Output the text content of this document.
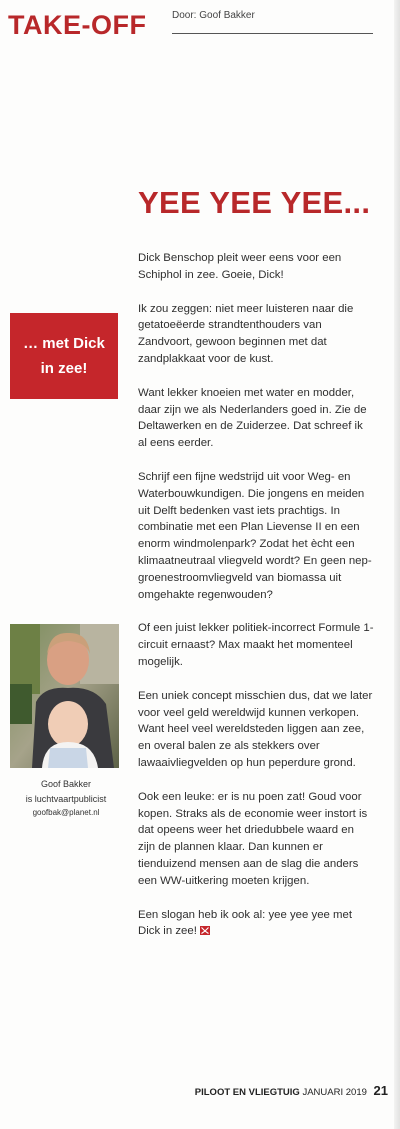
TAKE-OFF	Door: Goof Bakker
YEE YEE YEE...
… met Dick
in zee!

Dick Benschop pleit weer eens voor een Schiphol in zee. Goeie, Dick!

Ik zou zeggen: niet meer luisteren naar die getatoeëerde strandtenthouders van Zandvoort, gewoon beginnen met dat zandplakkaat voor de kust.

Want lekker knoeien met water en modder, daar zijn we als Nederlanders goed in. Zie de Deltawerken en de Zuiderzee. Dat schreef ik al eens eerder.

Schrijf een fijne wedstrijd uit voor Weg- en Waterbouwkundigen. Die jongens en meiden uit Delft bedenken vast iets prachtigs. In combinatie met een Plan Lievense II en een enorm windmolenpark? Zodat het ècht een klimaatneutraal vliegveld wordt? En geen nep-groenestroomvliegveld van biomassa uit omgehakte regenwouden?

Of een juist lekker politiek-incorrect Formule 1-circuit ernaast? Max maakt het momenteel mogelijk.

Een uniek concept misschien dus, dat we later voor veel geld wereldwijd kunnen verkopen. Want heel veel wereldsteden liggen aan zee, en overal balen ze als stekkers over lawaaivliegvelden op hun peperdure grond.

Ook een leuke: er is nu poen zat! Goud voor kopen. Straks als de economie weer instort is dat opeens weer het driedubbele waard en zijn de plannen klaar. Dan kunnen er tienduizend mensen aan de slag die anders een WW-uitkering moeten krijgen.

Een slogan heb ik ook al: yee yee yee met Dick in zee!

Goof Bakker
is luchtvaartpublicist
goofbak@planet.nl
PILOOT EN VLIEGTUIG JANUARI 2019 21
